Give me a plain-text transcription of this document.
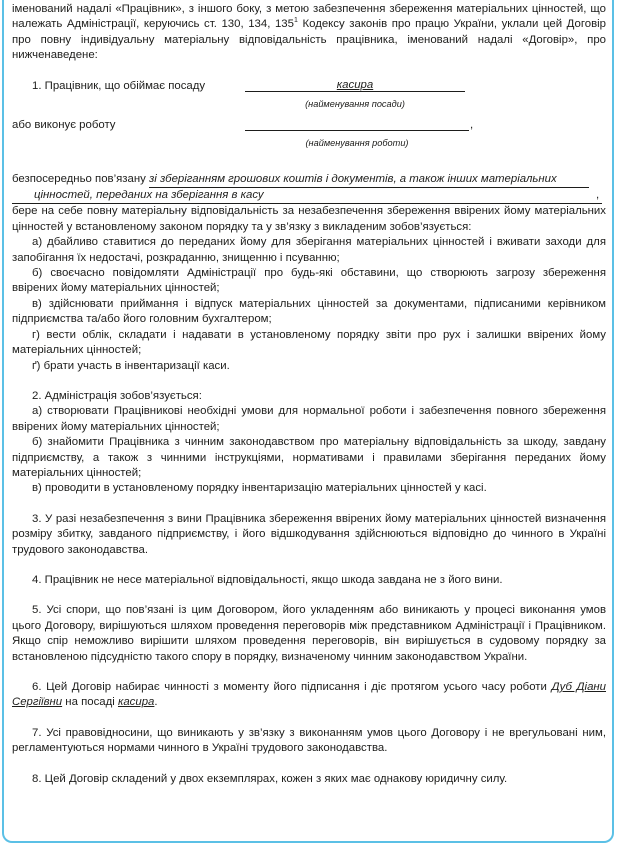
іменований надалі «Працівник», з іншого боку, з метою забезпечення збереження матеріальних цінностей, що належать Адміністрації, керуючись ст. 130, 134, $135^1$ Кодексу законів про працю України, уклали цей Договір про повну індивідуальну матеріальну відповідальність працівника, іменований надалі «Договір», про нижченаведене:

1. Працівник, що обіймає посаду	касира
(найменування посади)
або виконує роботу	,
(найменування роботи)

безпосередньо пов’язану зі зберіганням грошових коштів і документів, а також інших матеріальних

цінностей, переданих на зберігання в касу	,

бере на себе повну матеріальну відповідальність за незабезпечення збереження ввірених йому матеріальних цінностей у встановленому законом порядку та у зв’язку з викладеним зобов’язується:

а) дбайливо ставитися до переданих йому для зберігання матеріальних цінностей і вживати заходи для запобігання їх недостачі, розкраданню, знищенню і псуванню;

б) своєчасно повідомляти Адміністрації про будь-які обставини, що створюють загрозу збереження ввірених йому матеріальних цінностей;

в) здійснювати приймання і відпуск матеріальних цінностей за документами, підписаними керівником підприємства та/або його головним бухгалтером;

г) вести облік, складати і надавати в установленому порядку звіти про рух і залишки ввірених йому матеріальних цінностей;

ґ) брати участь в інвентаризації каси.

2. Адміністрація зобов’язується:

а) створювати Працівникові необхідні умови для нормальної роботи і забезпечення повного збереження ввірених йому матеріальних цінностей;

б) знайомити Працівника з чинним законодавством про матеріальну відповідальність за шкоду, завдану підприємству, а також з чинними інструкціями, нормативами і правилами зберігання переданих йому матеріальних цінностей;

в) проводити в установленому порядку інвентаризацію матеріальних цінностей у касі.

3. У разі незабезпечення з вини Працівника збереження ввірених йому матеріальних цінностей визначення розміру збитку, завданого підприємству, і його відшкодування здійснюються відповідно до чинного в Україні трудового законодавства.

4. Працівник не несе матеріальної відповідальності, якщо шкода завдана не з його вини.

5. Усі спори, що пов’язані із цим Договором, його укладенням або виникають у процесі виконання умов цього Договору, вирішуються шляхом проведення переговорів між представником Адміністрації і Працівником. Якщо спір неможливо вирішити шляхом проведення переговорів, він вирішується в судовому порядку за встановленою підсудністю такого спору в порядку, визначеному чинним законодавством України.

6. Цей Договір набирає чинності з моменту його підписання і діє протягом усього часу роботи Дуб Діани Сергіївни на посаді касира.

7. Усі правовідносини, що виникають у зв’язку з виконанням умов цього Договору і не врегульовані ним, регламентуються нормами чинного в Україні трудового законодавства.

8. Цей Договір складений у двох екземплярах, кожен з яких має однакову юридичну силу.
